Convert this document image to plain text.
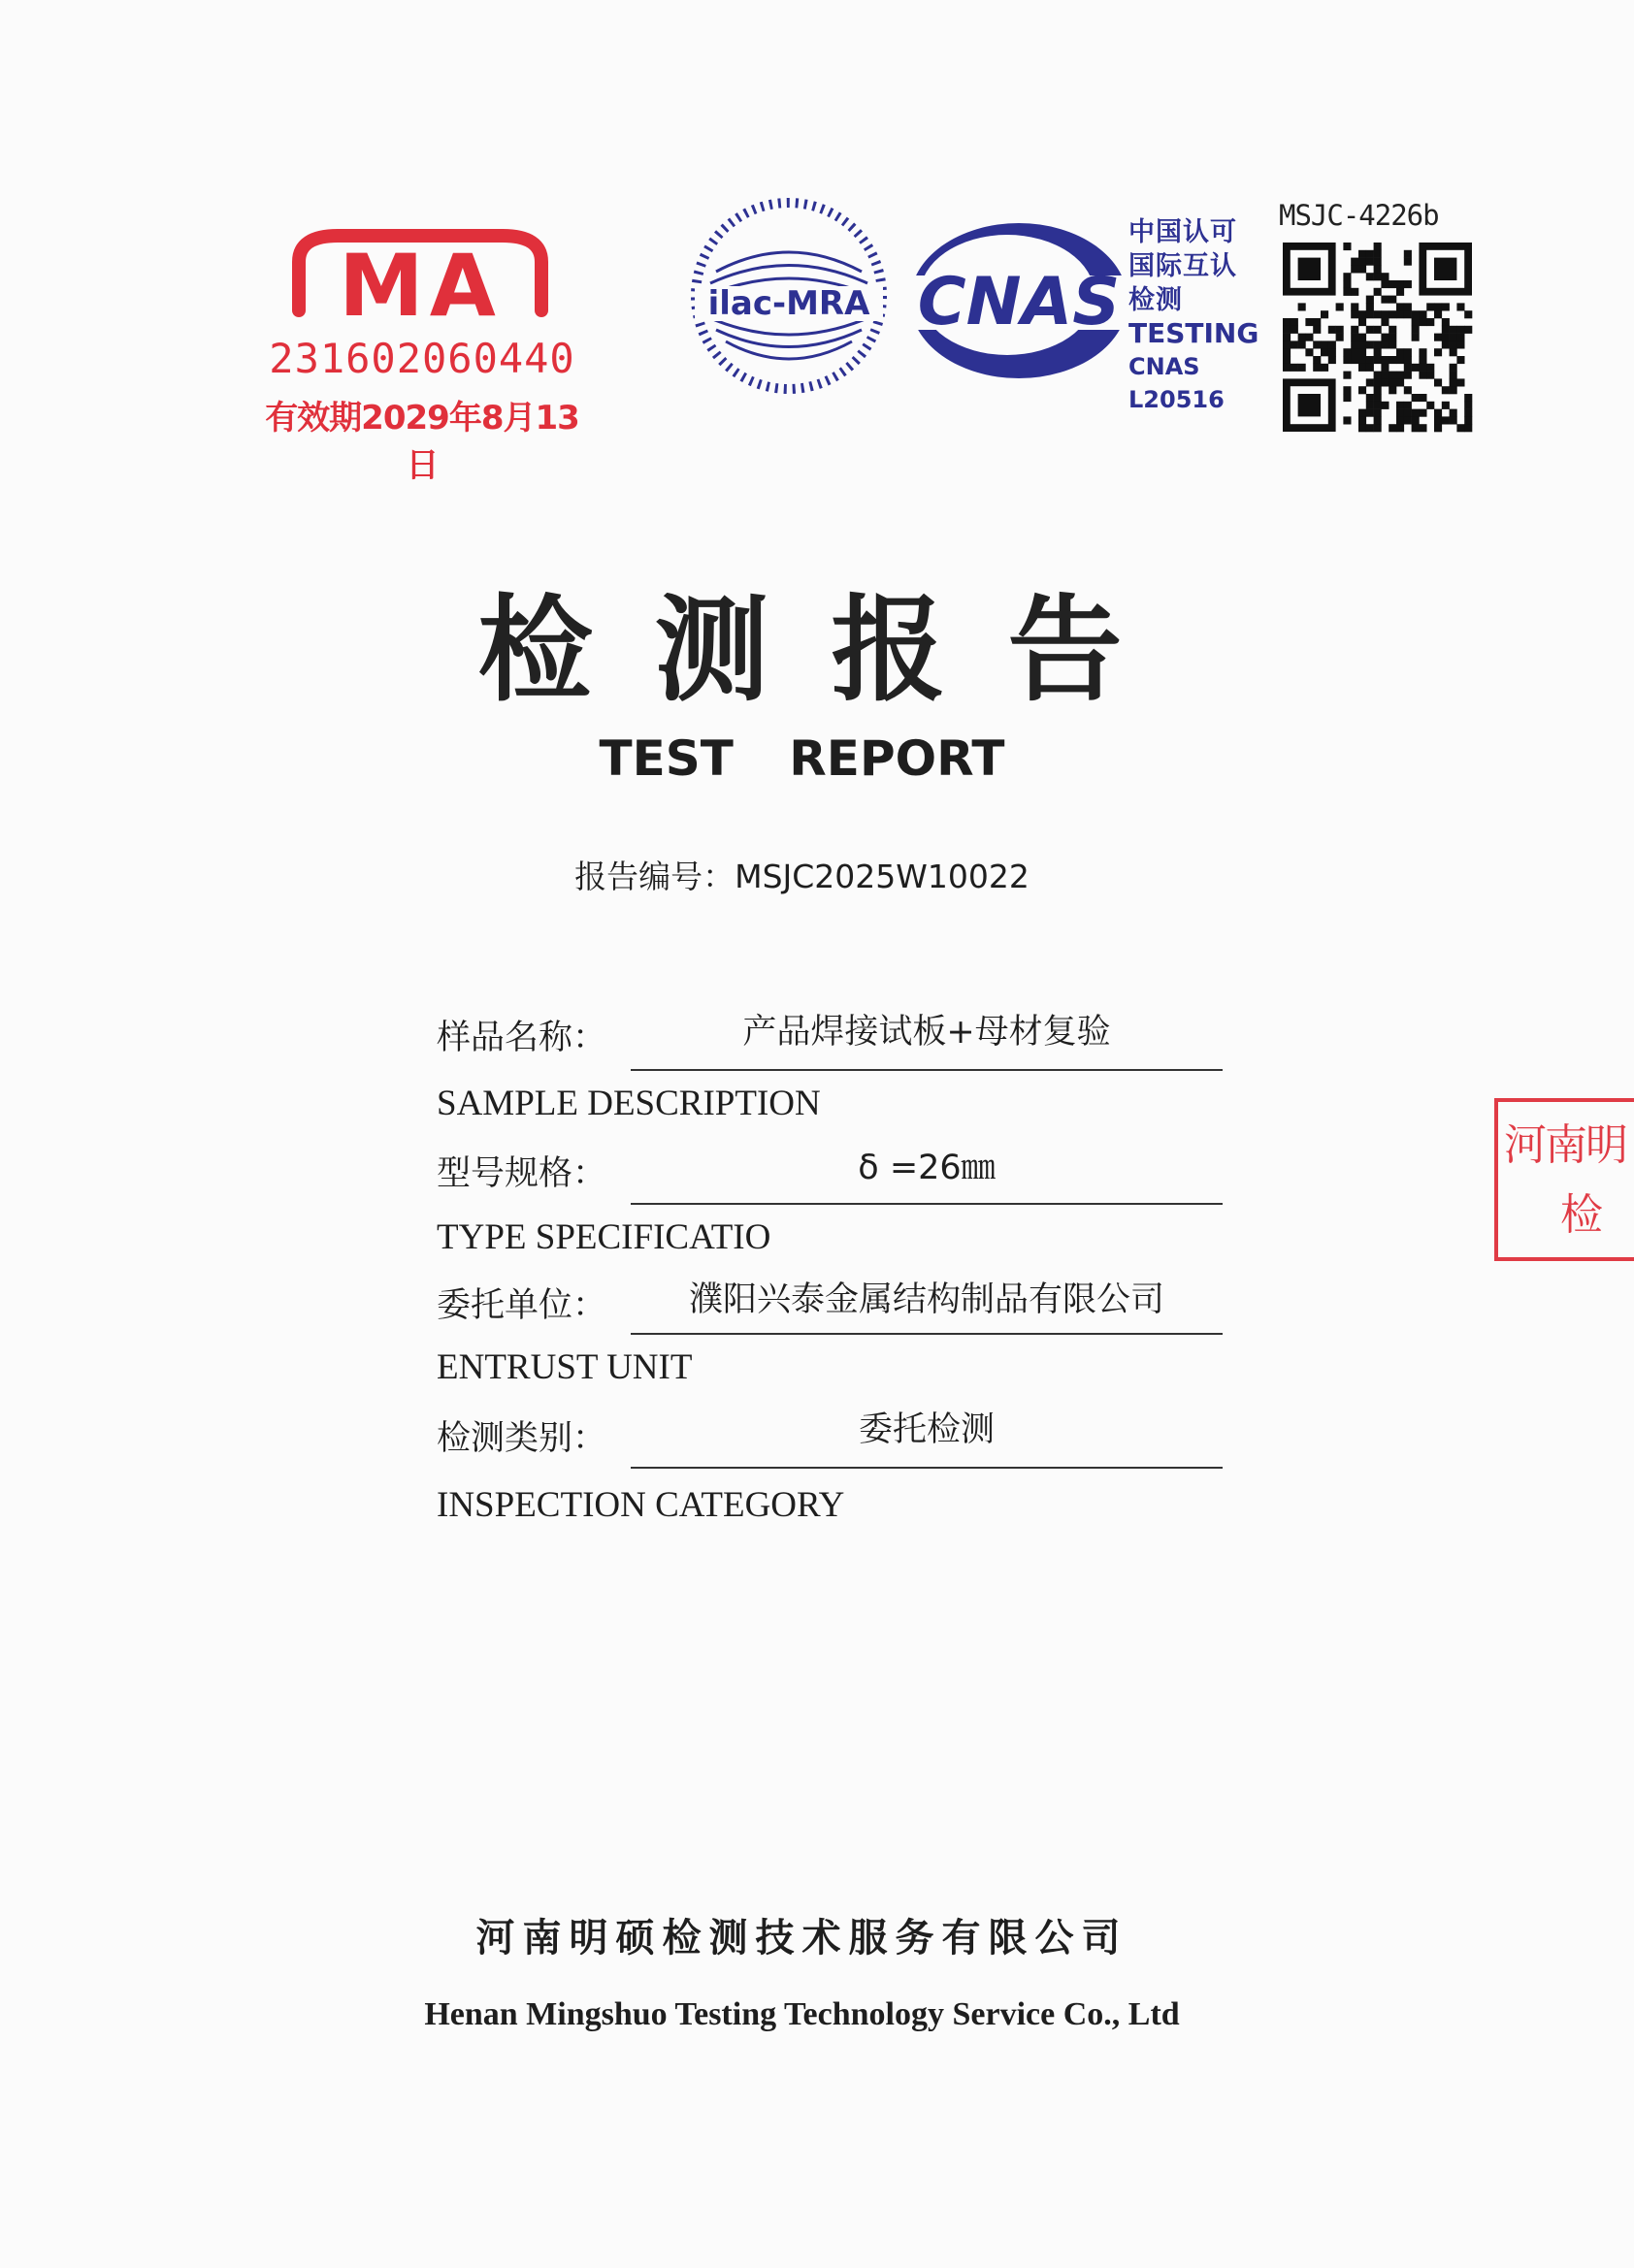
MA
231602060440
有效期2029年8月13日
ilac-MRA CNAS
中国认可
国际互认
检测
TESTING
CNAS L20516
MSJC-4226b
检测报告
TEST REPORT
报告编号：MSJC2025W10022
样品名称：	产品焊接试板+母材复验
SAMPLE DESCRIPTION
型号规格：	δ =26㎜
TYPE SPECIFICATIO
委托单位：	濮阳兴泰金属结构制品有限公司
ENTRUST UNIT
检测类别：	委托检测
INSPECTION CATEGORY
河南明
检
河南明硕检测技术服务有限公司
Henan Mingshuo Testing Technology Service Co., Ltd
